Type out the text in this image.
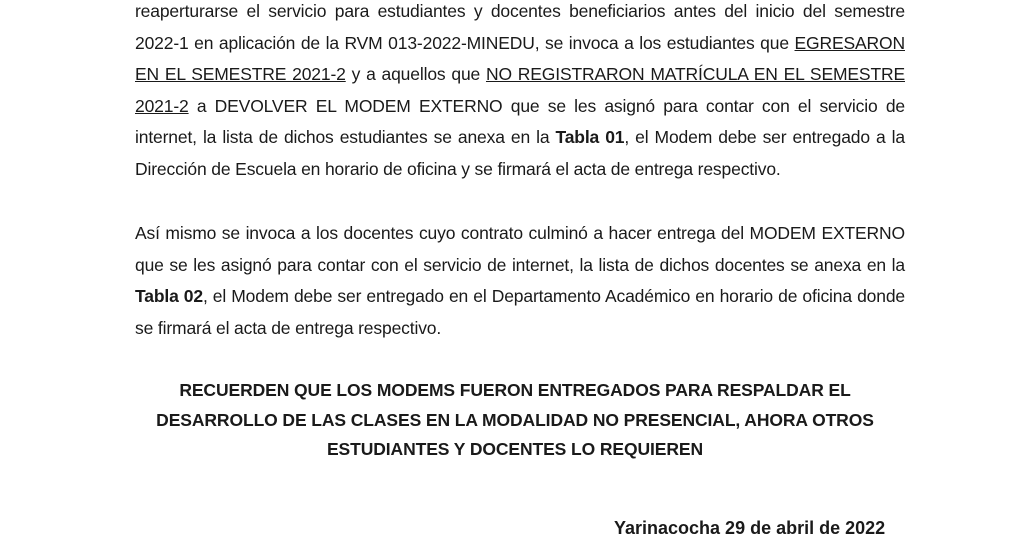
reaperturarse el servicio para estudiantes y docentes beneficiarios antes del inicio del semestre 2022-1 en aplicación de la RVM 013-2022-MINEDU, se invoca a los estudiantes que EGRESARON EN EL SEMESTRE 2021-2 y a aquellos que NO REGISTRARON MATRÍCULA EN EL SEMESTRE 2021-2 a DEVOLVER EL MODEM EXTERNO que se les asignó para contar con el servicio de internet, la lista de dichos estudiantes se anexa en la Tabla 01, el Modem debe ser entregado a la Dirección de Escuela en horario de oficina y se firmará el acta de entrega respectivo.

Así mismo se invoca a los docentes cuyo contrato culminó a hacer entrega del MODEM EXTERNO que se les asignó para contar con el servicio de internet, la lista de dichos docentes se anexa en la Tabla 02, el Modem debe ser entregado en el Departamento Académico en horario de oficina donde se firmará el acta de entrega respectivo.

RECUERDEN QUE LOS MODEMS FUERON ENTREGADOS PARA RESPALDAR EL
DESARROLLO DE LAS CLASES EN LA MODALIDAD NO PRESENCIAL, AHORA OTROS
ESTUDIANTES Y DOCENTES LO REQUIEREN
Yarinacocha 29 de abril de 2022
